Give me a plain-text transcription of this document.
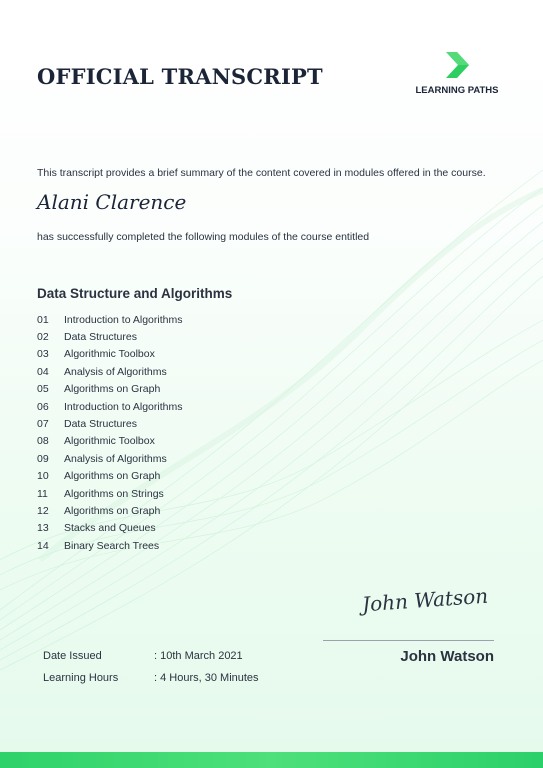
OFFICIAL TRANSCRIPT
LEARNING PATHS
This transcript provides a brief summary of the content covered in modules offered in the course.
Alani Clarence
has successfully completed the following modules of the course entitled
Data Structure and Algorithms
01	Introduction to Algorithms
02	Data Structures
03	Algorithmic Toolbox
04	Analysis of Algorithms
05	Algorithms on Graph
06	Introduction to Algorithms
07	Data Structures
08	Algorithmic Toolbox
09	Analysis of Algorithms
10	Algorithms on Graph
11	Algorithms on Strings
12	Algorithms on Graph
13	Stacks and Queues
14	Binary Search Trees
Date Issued	: 10th March 2021
Learning Hours	: 4 Hours, 30 Minutes
John Watson
John Watson
